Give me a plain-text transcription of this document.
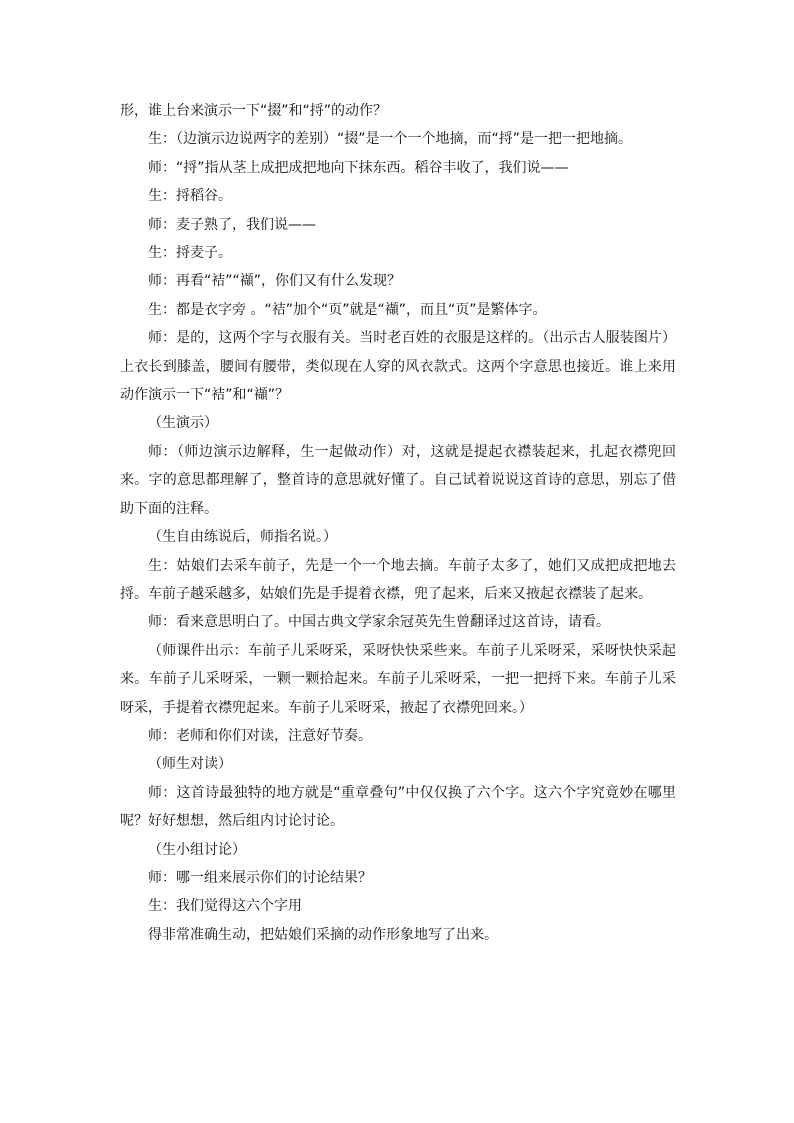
形，谁上台来演示一下“掇”和“捋”的动作？

生：（边演示边说两字的差别）“掇”是一个一个地摘，而“捋”是一把一把地摘。

师：“捋”指从茎上成把成把地向下抹东西。稻谷丰收了，我们说——

生：捋稻谷。

师：麦子熟了，我们说——

生：捋麦子。

师：再看“袺”“襭”，你们又有什么发现？

生：都是衣字旁 。“袺”加个“页”就是“襭”，而且“页”是繁体字。

师：是的，这两个字与衣服有关。当时老百姓的衣服是这样的。（出示古人服装图片）上衣长到膝盖，腰间有腰带，类似现在人穿的风衣款式。这两个字意思也接近。谁上来用动作演示一下“袺”和“襭”？

（生演示）

师：（师边演示边解释，生一起做动作）对，这就是提起衣襟装起来，扎起衣襟兜回来。字的意思都理解了，整首诗的意思就好懂了。自己试着说说这首诗的意思，别忘了借助下面的注释。

（生自由练说后，师指名说。）

生：姑娘们去采车前子，先是一个一个地去摘。车前子太多了，她们又成把成把地去捋。车前子越采越多，姑娘们先是手提着衣襟，兜了起来，后来又掖起衣襟装了起来。

师：看来意思明白了。中国古典文学家余冠英先生曾翻译过这首诗，请看。

（师课件出示：车前子儿采呀采，采呀快快采些来。车前子儿采呀采，采呀快快采起来。车前子儿采呀采，一颗一颗拾起来。车前子儿采呀采，一把一把捋下来。车前子儿采呀采，手提着衣襟兜起来。车前子儿采呀采，掖起了衣襟兜回来。）

师：老师和你们对读，注意好节奏。

（师生对读）

师：这首诗最独特的地方就是“重章叠句”中仅仅换了六个字。这六个字究竟妙在哪里呢？好好想想，然后组内讨论讨论。

（生小组讨论）

师：哪一组来展示你们的讨论结果？

生：我们觉得这六个字用

得非常准确生动，把姑娘们采摘的动作形象地写了出来。
